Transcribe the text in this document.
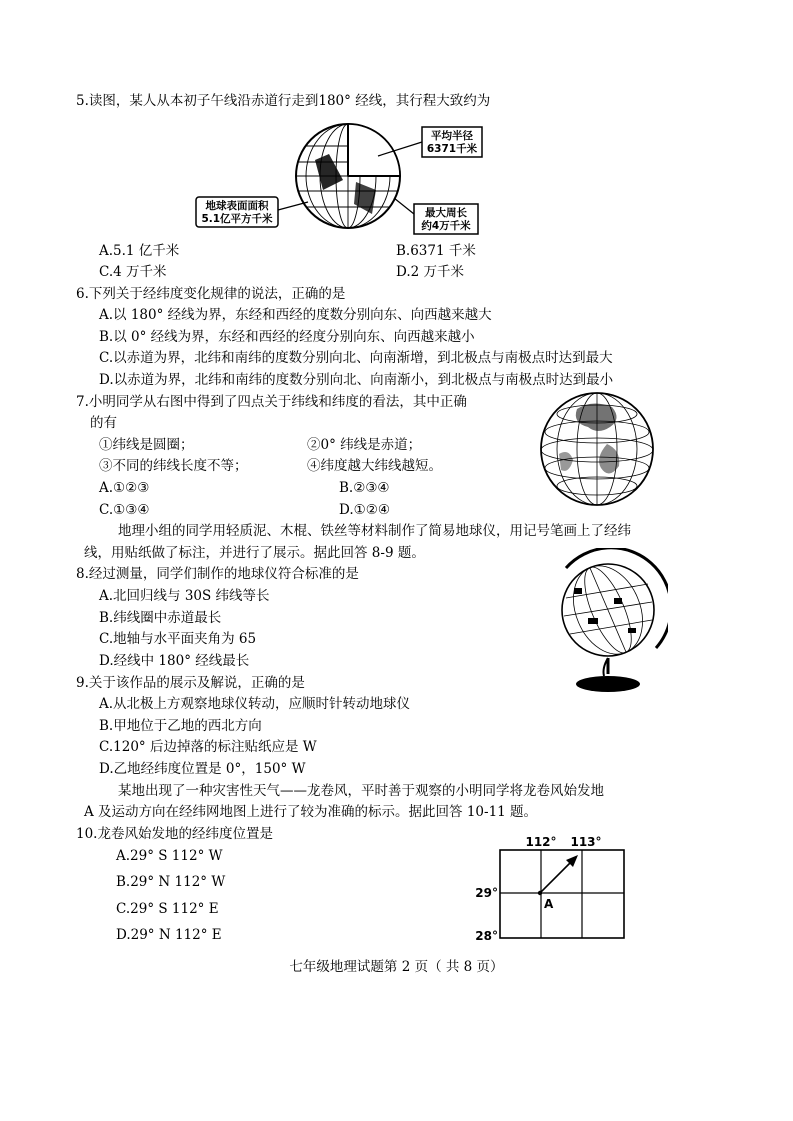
5.读图，某人从本初子午线沿赤道行走到180° 经线，其行程大致约为
平均半径
6371千米
地球表面面积
5.1亿平方千米	最大周长
约4万千米
A.5.1 亿千米	B.6371 千米
C.4 万千米	D.2 万千米
6.下列关于经纬度变化规律的说法，正确的是
A.以 180° 经线为界，东经和西经的度数分别向东、向西越来越大
B.以 0° 经线为界，东经和西经的经度分别向东、向西越来越小
C.以赤道为界，北纬和南纬的度数分别向北、向南渐增，到北极点与南极点时达到最大
D.以赤道为界，北纬和南纬的度数分别向北、向南渐小，到北极点与南极点时达到最小
7.小明同学从右图中得到了四点关于纬线和纬度的看法，其中正确
的有
①纬线是圆圈；	②0° 纬线是赤道；
③不同的纬线长度不等；	④纬度越大纬线越短。
A.①②③	B.②③④
C.①③④	D.①②④
地理小组的同学用轻质泥、木棍、铁丝等材料制作了简易地球仪，用记号笔画上了经纬
线，用贴纸做了标注，并进行了展示。据此回答 8-9 题。
8.经过测量，同学们制作的地球仪符合标准的是
A.北回归线与 30S 纬线等长
B.纬线圈中赤道最长
C.地轴与水平面夹角为 65
D.经线中 180° 经线最长
9.关于该作品的展示及解说，正确的是
A.从北极上方观察地球仪转动，应顺时针转动地球仪
B.甲地位于乙地的西北方向
C.120° 后边掉落的标注贴纸应是 W
D.乙地经纬度位置是 0°，150° W
某地出现了一种灾害性天气——龙卷风，平时善于观察的小明同学将龙卷风始发地
A 及运动方向在经纬网地图上进行了较为准确的标示。据此回答 10-11 题。
10.龙卷风始发地的经纬度位置是
A.29° S 112° W
B.29° N 112° W
C.29° S 112° E
D.29° N 112° E
112° 113°
29°
28°
A
七年级地理试题第 2 页（ 共 8 页）
